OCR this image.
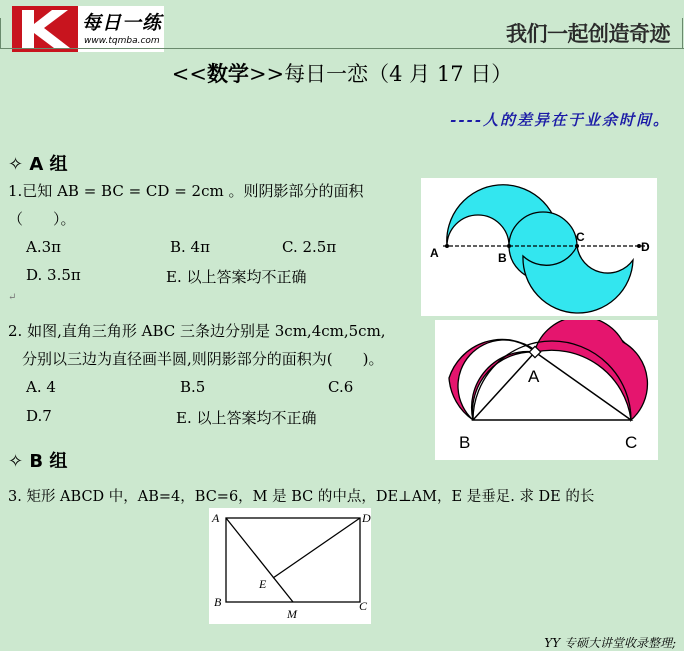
每日一练
www.tqmba.com	我们一起创造奇迹
<<数学>>每日一恋（4 月 17 日）
----人的差异在于业余时间。
✧ A 组
1.已知 AB = BC = CD = 2cm 。则阴影部分的面积
（　　）。
A.3π	B. 4π	C. 2.5π
D. 3.5π	E. 以上答案均不正确
↵
A	B
C
D
2. 如图,直角三角形 ABC 三条边分别是 3cm,4cm,5cm,
分别以三边为直径画半圆,则阴影部分的面积为(　　)。
A. 4	B.5	C.6
D.7	E. 以上答案均不正确
A
B	C
✧ B 组
3. 矩形 ABCD 中，AB=4，BC=6，M 是 BC 的中点，DE⊥AM，E 是垂足. 求 DE 的长
A	D
B	C
E
M
YY 专硕大讲堂收录整理;
